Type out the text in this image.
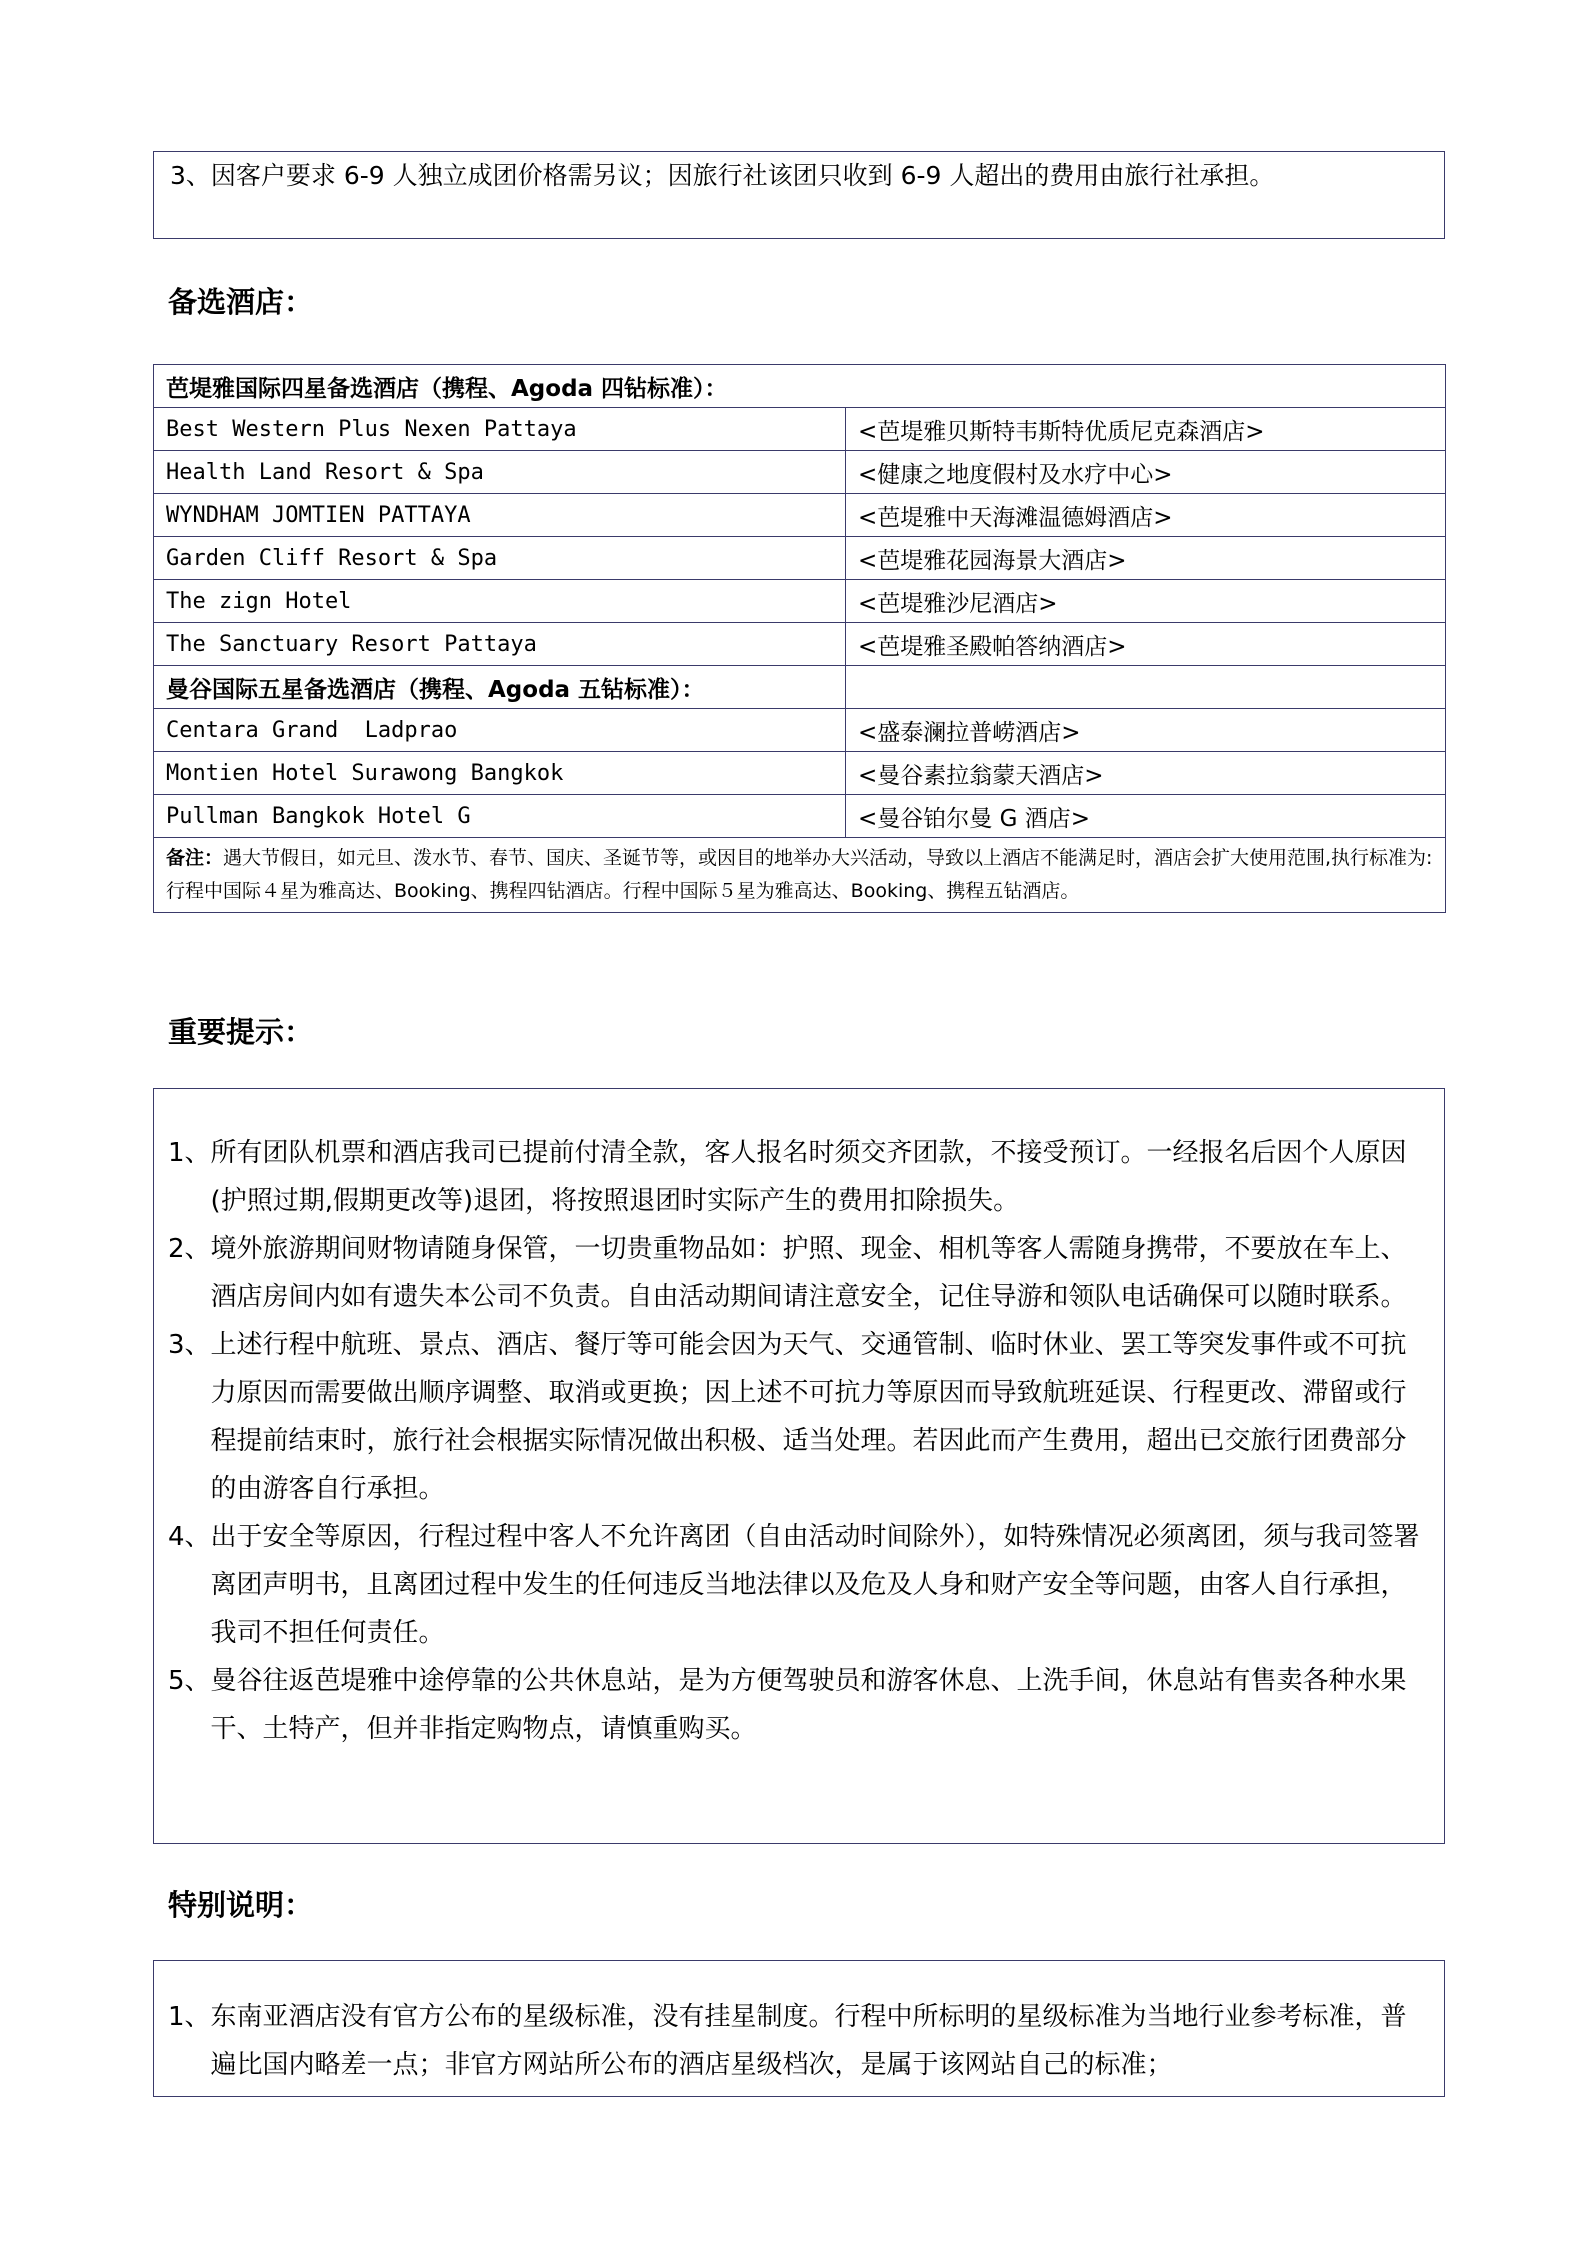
3、因客户要求 6-9 人独立成团价格需另议；因旅行社该团只收到 6-9 人超出的费用由旅行社承担。
备选酒店：
芭堤雅国际四星备选酒店（携程、Agoda 四钻标准）：	
Best Western Plus Nexen Pattaya	<芭堤雅贝斯特韦斯特优质尼克森酒店>
Health Land Resort & Spa	<健康之地度假村及水疗中心>
WYNDHAM JOMTIEN PATTAYA	<芭堤雅中天海滩温德姆酒店>
Garden Cliff Resort & Spa	<芭堤雅花园海景大酒店>
The zign Hotel	<芭堤雅沙尼酒店>
The Sanctuary Resort Pattaya	<芭堤雅圣殿帕答纳酒店>
曼谷国际五星备选酒店（携程、Agoda 五钻标准）：	
Centara Grand  Ladprao	<盛泰澜拉普崂酒店>
Montien Hotel Surawong Bangkok	<曼谷素拉翁蒙天酒店>
Pullman Bangkok Hotel G	<曼谷铂尔曼 G 酒店>
备注：遇大节假日，如元旦、泼水节、春节、国庆、圣诞节等，或因目的地举办大兴活动，导致以上酒店不能满足时，酒店会扩大使用范围,执行标准为:行程中国际４星为雅高达、Booking、携程四钻酒店。行程中国际５星为雅高达、Booking、携程五钻酒店。	
重要提示：
1、 所有团队机票和酒店我司已提前付清全款，客人报名时须交齐团款，不接受预订。一经报名后因个人原因(护照过期,假期更改等)退团，将按照退团时实际产生的费用扣除损失。
2、 境外旅游期间财物请随身保管，一切贵重物品如：护照、现金、相机等客人需随身携带，不要放在车上、酒店房间内如有遗失本公司不负责。自由活动期间请注意安全，记住导游和领队电话确保可以随时联系。
3、 上述行程中航班、景点、酒店、餐厅等可能会因为天气、交通管制、临时休业、罢工等突发事件或不可抗力原因而需要做出顺序调整、取消或更换；因上述不可抗力等原因而导致航班延误、行程更改、滞留或行程提前结束时，旅行社会根据实际情况做出积极、适当处理。若因此而产生费用，超出已交旅行团费部分的由游客自行承担。
4、 出于安全等原因，行程过程中客人不允许离团（自由活动时间除外），如特殊情况必须离团，须与我司签署离团声明书，且离团过程中发生的任何违反当地法律以及危及人身和财产安全等问题，由客人自行承担，我司不担任何责任。
5、 曼谷往返芭堤雅中途停靠的公共休息站，是为方便驾驶员和游客休息、上洗手间，休息站有售卖各种水果干、土特产，但并非指定购物点，请慎重购买。
特别说明：
1、 东南亚酒店没有官方公布的星级标准，没有挂星制度。行程中所标明的星级标准为当地行业参考标准，普遍比国内略差一点；非官方网站所公布的酒店星级档次，是属于该网站自己的标准；
